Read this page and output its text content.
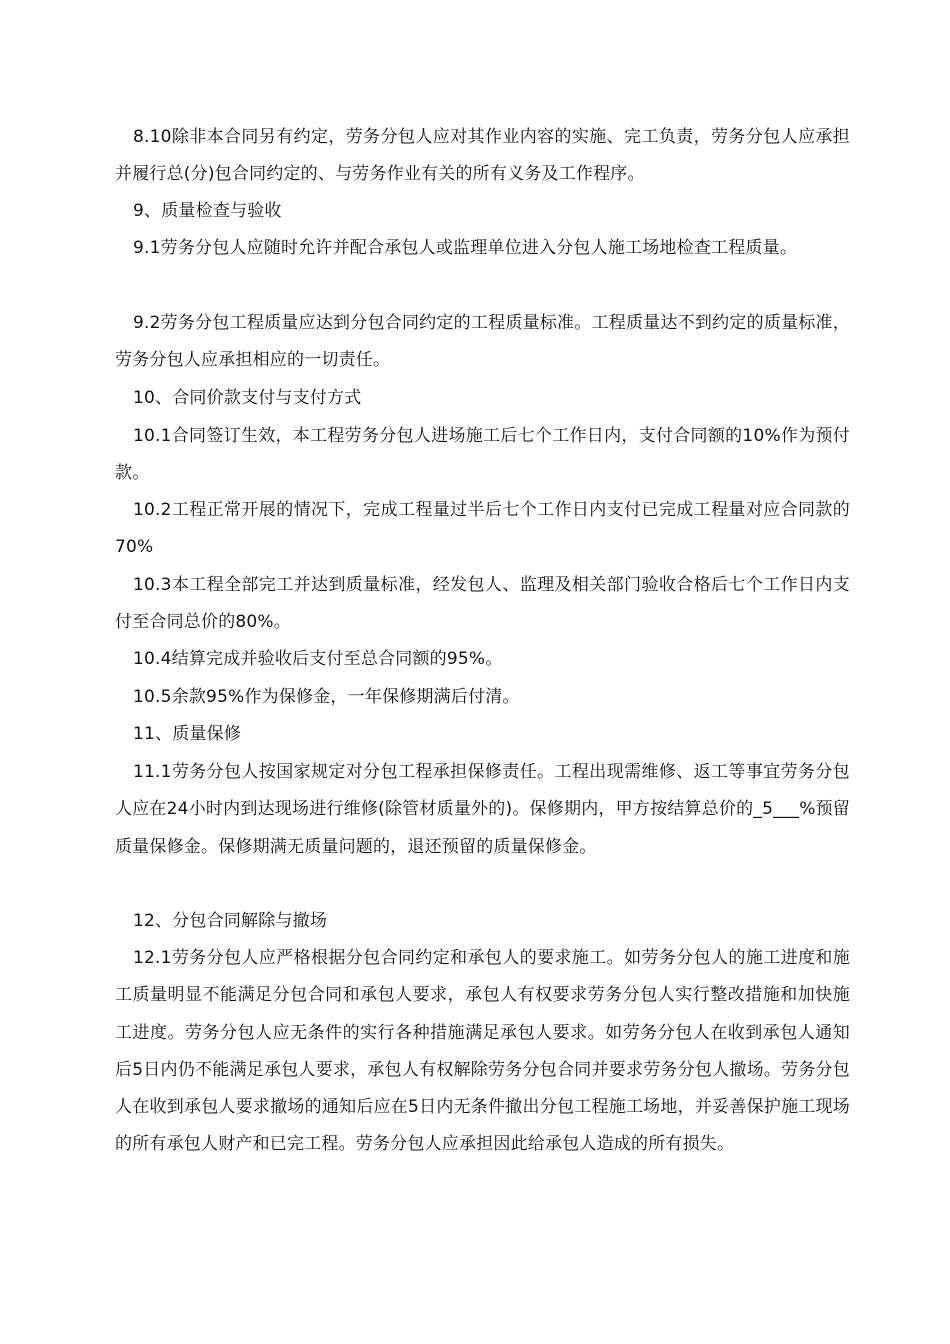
8.10除非本合同另有约定，劳务分包人应对其作业内容的实施、完工负责，劳务分包人应承担并履行总(分)包合同约定的、与劳务作业有关的所有义务及工作程序。

9、质量检查与验收

9.1劳务分包人应随时允许并配合承包人或监理单位进入分包人施工场地检查工程质量。

9.2劳务分包工程质量应达到分包合同约定的工程质量标准。工程质量达不到约定的质量标准，劳务分包人应承担相应的一切责任。

10、合同价款支付与支付方式

10.1合同签订生效，本工程劳务分包人进场施工后七个工作日内，支付合同额的10%作为预付款。

10.2工程正常开展的情况下，完成工程量过半后七个工作日内支付已完成工程量对应合同款的70%

10.3本工程全部完工并达到质量标准，经发包人、监理及相关部门验收合格后七个工作日内支付至合同总价的80%。

10.4结算完成并验收后支付至总合同额的95%。

10.5余款95%作为保修金，一年保修期满后付清。

11、质量保修

11.1劳务分包人按国家规定对分包工程承担保修责任。工程出现需维修、返工等事宜劳务分包人应在24小时内到达现场进行维修(除管材质量外的)。保修期内，甲方按结算总价的_5___%预留质量保修金。保修期满无质量问题的，退还预留的质量保修金。

12、分包合同解除与撤场

12.1劳务分包人应严格根据分包合同约定和承包人的要求施工。如劳务分包人的施工进度和施工质量明显不能满足分包合同和承包人要求，承包人有权要求劳务分包人实行整改措施和加快施工进度。劳务分包人应无条件的实行各种措施满足承包人要求。如劳务分包人在收到承包人通知后5日内仍不能满足承包人要求，承包人有权解除劳务分包合同并要求劳务分包人撤场。劳务分包人在收到承包人要求撤场的通知后应在5日内无条件撤出分包工程施工场地，并妥善保护施工现场的所有承包人财产和已完工程。劳务分包人应承担因此给承包人造成的所有损失。
